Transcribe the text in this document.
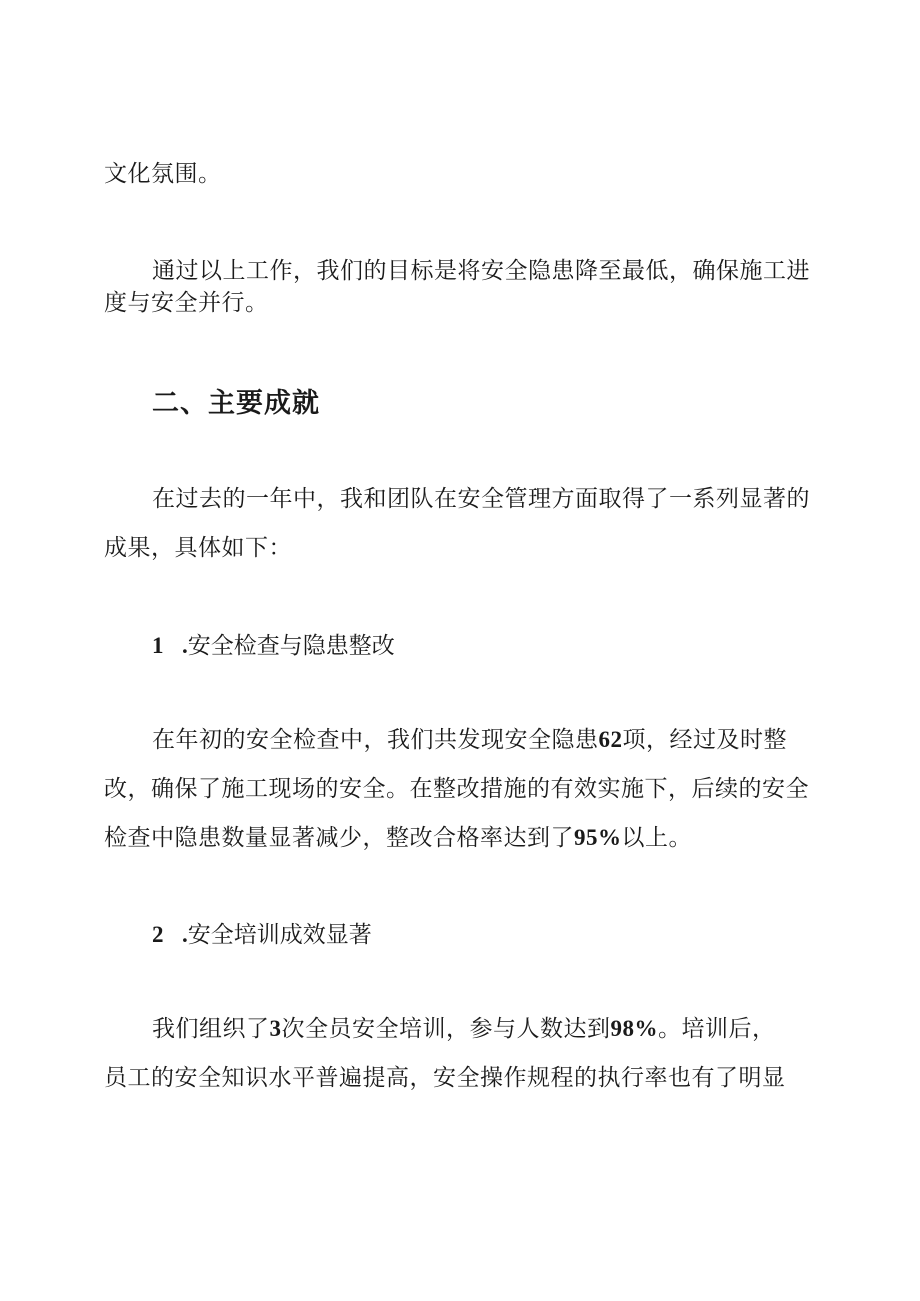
文化氛围。
通过以上工作，我们的目标是将安全隐患降至最低，确保施工进
度与安全并行。
二、主要成就
在过去的一年中，我和团队在安全管理方面取得了一系列显著的
成果，具体如下：
1 .安全检查与隐患整改
在年初的安全检查中，我们共发现安全隐患62项，经过及时整
改，确保了施工现场的安全。在整改措施的有效实施下，后续的安全
检查中隐患数量显著减少，整改合格率达到了95%以上。
2 .安全培训成效显著
我们组织了3次全员安全培训，参与人数达到98%。培训后，
员工的安全知识水平普遍提高，安全操作规程的执行率也有了明显
